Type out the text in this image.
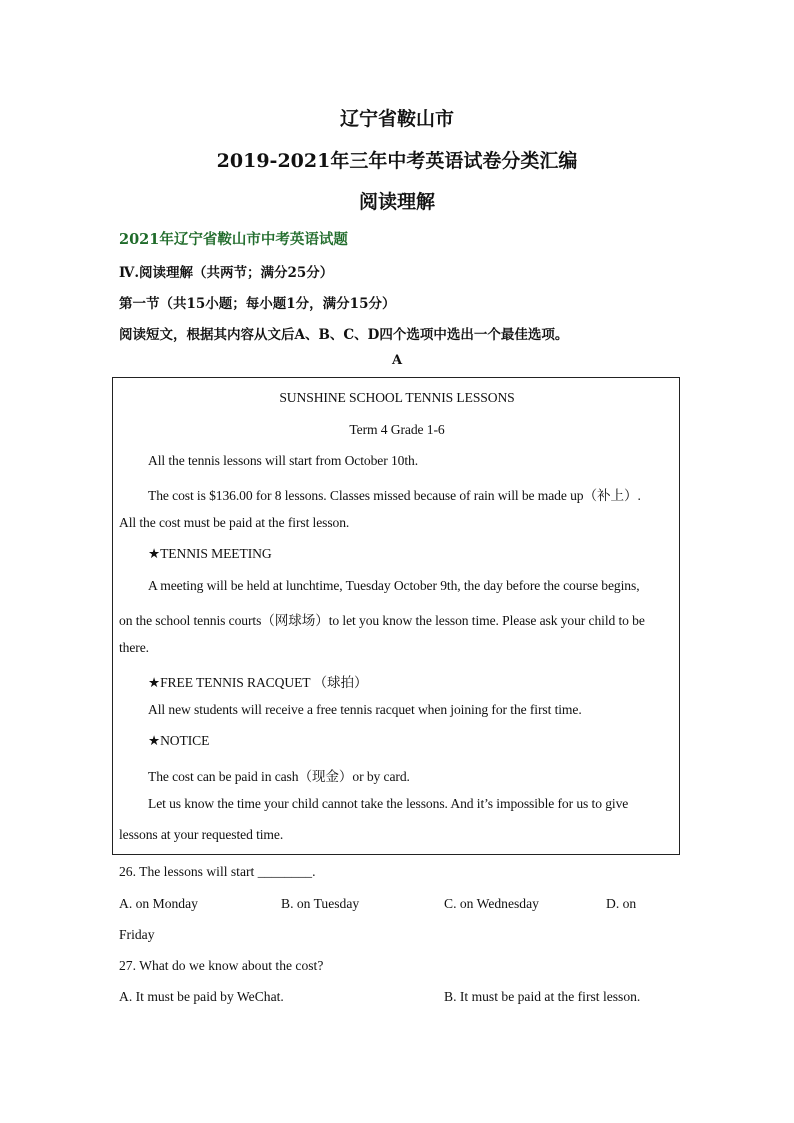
辽宁省鞍山市
2019-2021年三年中考英语试卷分类汇编
阅读理解
2021年辽宁省鞍山市中考英语试题
Ⅳ.阅读理解（共两节；满分25分）
第一节（共15小题；每小题1分，满分15分）
阅读短文，根据其内容从文后A、B、C、D四个选项中选出一个最佳选项。
A
SUNSHINE SCHOOL TENNIS LESSONS
Term 4 Grade 1-6
All the tennis lessons will start from October 10th.
The cost is $136.00 for 8 lessons. Classes missed because of rain will be made up（补上）.
All the cost must be paid at the first lesson.
★TENNIS MEETING
A meeting will be held at lunchtime, Tuesday October 9th, the day before the course begins,
on the school tennis courts（网球场）to let you know the lesson time. Please ask your child to be
there.
★FREE TENNIS RACQUET （球拍）
All new students will receive a free tennis racquet when joining for the first time.
★NOTICE
The cost can be paid in cash（现金）or by card.
Let us know the time your child cannot take the lessons. And it’s impossible for us to give
lessons at your requested time.
26. The lessons will start ________.
A. on Monday	B. on Tuesday	C. on Wednesday	D. on
Friday
27. What do we know about the cost?
A. It must be paid by WeChat.	B. It must be paid at the first lesson.
